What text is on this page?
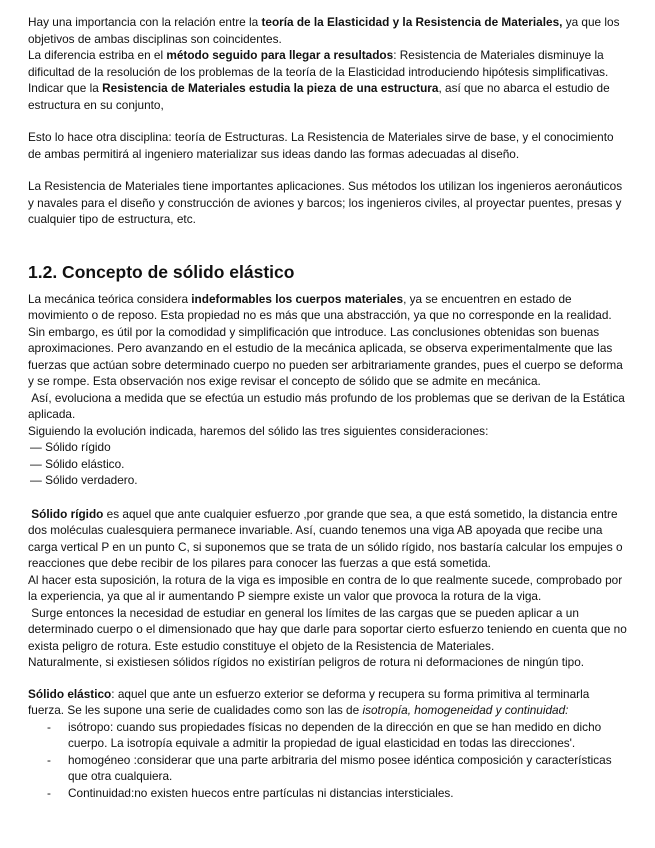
Hay una importancia con la relación entre la teoría de la Elasticidad y la Resistencia de Materiales, ya que los objetivos de ambas disciplinas son coincidentes.

La diferencia estriba en el método seguido para llegar a resultados: Resistencia de Materiales disminuye la dificultad de la resolución de los problemas de la teoría de la Elasticidad introduciendo hipótesis simplificativas.

Indicar que la Resistencia de Materiales estudia la pieza de una estructura, así que no abarca el estudio de estructura en su conjunto,

Esto lo hace otra disciplina: teoría de Estructuras. La Resistencia de Materiales sirve de base, y el conocimiento de ambas permitirá al ingeniero materializar sus ideas dando las formas adecuadas al diseño.

La Resistencia de Materiales tiene importantes aplicaciones. Sus métodos los utilizan los ingenieros aeronáuticos y navales para el diseño y construcción de aviones y barcos; los ingenieros civiles, al proyectar puentes, presas y cualquier tipo de estructura, etc.

1.2. Concepto de sólido elástico

La mecánica teórica considera indeformables los cuerpos materiales, ya se encuentren en estado de movimiento o de reposo. Esta propiedad no es más que una abstracción, ya que no corresponde en la realidad. Sin embargo, es útil por la comodidad y simplificación que introduce. Las conclusiones obtenidas son buenas aproximaciones. Pero avanzando en el estudio de la mecánica aplicada, se observa experimentalmente que las fuerzas que actúan sobre determinado cuerpo no pueden ser arbitrariamente grandes, pues el cuerpo se deforma y se rompe. Esta observación nos exige revisar el concepto de sólido que se admite en mecánica.

Así, evoluciona a medida que se efectúa un estudio más profundo de los problemas que se derivan de la Estática aplicada.

Siguiendo la evolución indicada, haremos del sólido las tres siguientes consideraciones:

— Sólido rígido

— Sólido elástico.

— Sólido verdadero.

Sólido rígido es aquel que ante cualquier esfuerzo ,por grande que sea, a que está sometido, la distancia entre dos moléculas cualesquiera permanece invariable. Así, cuando tenemos una viga AB apoyada que recibe una carga vertical P en un punto C, si suponemos que se trata de un sólido rígido, nos bastaría calcular los empujes o reacciones que debe recibir de los pilares para conocer las fuerzas a que está sometida.

Al hacer esta suposición, la rotura de la viga es imposible en contra de lo que realmente sucede, comprobado por la experiencia, ya que al ir aumentando P siempre existe un valor que provoca la rotura de la viga.

Surge entonces la necesidad de estudiar en general los límites de las cargas que se pueden aplicar a un determinado cuerpo o el dimensionado que hay que darle para soportar cierto esfuerzo teniendo en cuenta que no exista peligro de rotura. Este estudio constituye el objeto de la Resistencia de Materiales.

Naturalmente, si existiesen sólidos rígidos no existirían peligros de rotura ni deformaciones de ningún tipo.

Sólido elástico: aquel que ante un esfuerzo exterior se deforma y recupera su forma primitiva al terminarla fuerza. Se les supone una serie de cualidades como son las de isotropía, homogeneidad y continuidad:

- isótropo: cuando sus propiedades físicas no dependen de la dirección en que se han medido en dicho cuerpo. La isotropía equivale a admitir la propiedad de igual elasticidad en todas las direcciones'.
- homogéneo :considerar que una parte arbitraria del mismo posee idéntica composición y características que otra cualquiera.
- Continuidad:no existen huecos entre partículas ni distancias intersticiales.
